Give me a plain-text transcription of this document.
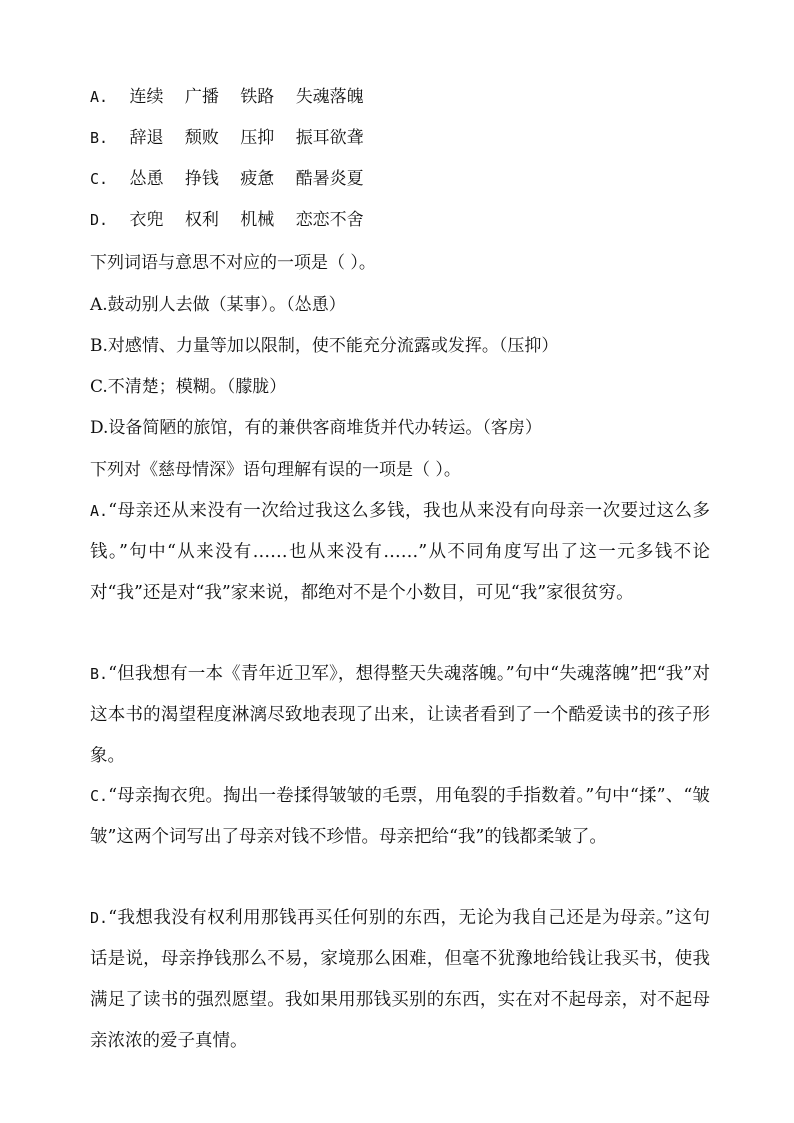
A. 连续 广播 铁路 失魂落魄
B. 辞退 颓败 压抑 振耳欲聋
C. 怂恿 挣钱 疲惫 酷暑炎夏
D. 衣兜 权利 机械 恋恋不舍
下列词语与意思不对应的一项是（ ）。
A.鼓动别人去做（某事）。（怂恿）
B.对感情、力量等加以限制，使不能充分流露或发挥。（压抑）
C.不清楚；模糊。（朦胧）
D.设备简陋的旅馆，有的兼供客商堆货并代办转运。（客房）
下列对《慈母情深》语句理解有误的一项是（ ）。
A.“母亲还从来没有一次给过我这么多钱，我也从来没有向母亲一次要过这么多钱。”句中“从来没有……也从来没有……”从不同角度写出了这一元多钱不论对“我”还是对“我”家来说，都绝对不是个小数目，可见“我”家很贫穷。
B.“但我想有一本《青年近卫军》，想得整天失魂落魄。”句中“失魂落魄”把“我”对这本书的渴望程度淋漓尽致地表现了出来，让读者看到了一个酷爱读书的孩子形象。
C.“母亲掏衣兜。掏出一卷揉得皱皱的毛票，用龟裂的手指数着。”句中“揉”、“皱皱”这两个词写出了母亲对钱不珍惜。母亲把给“我”的钱都柔皱了。
D.“我想我没有权利用那钱再买任何别的东西，无论为我自己还是为母亲。”这句话是说，母亲挣钱那么不易，家境那么困难，但毫不犹豫地给钱让我买书，使我满足了读书的强烈愿望。我如果用那钱买别的东西，实在对不起母亲，对不起母亲浓浓的爱子真情。
